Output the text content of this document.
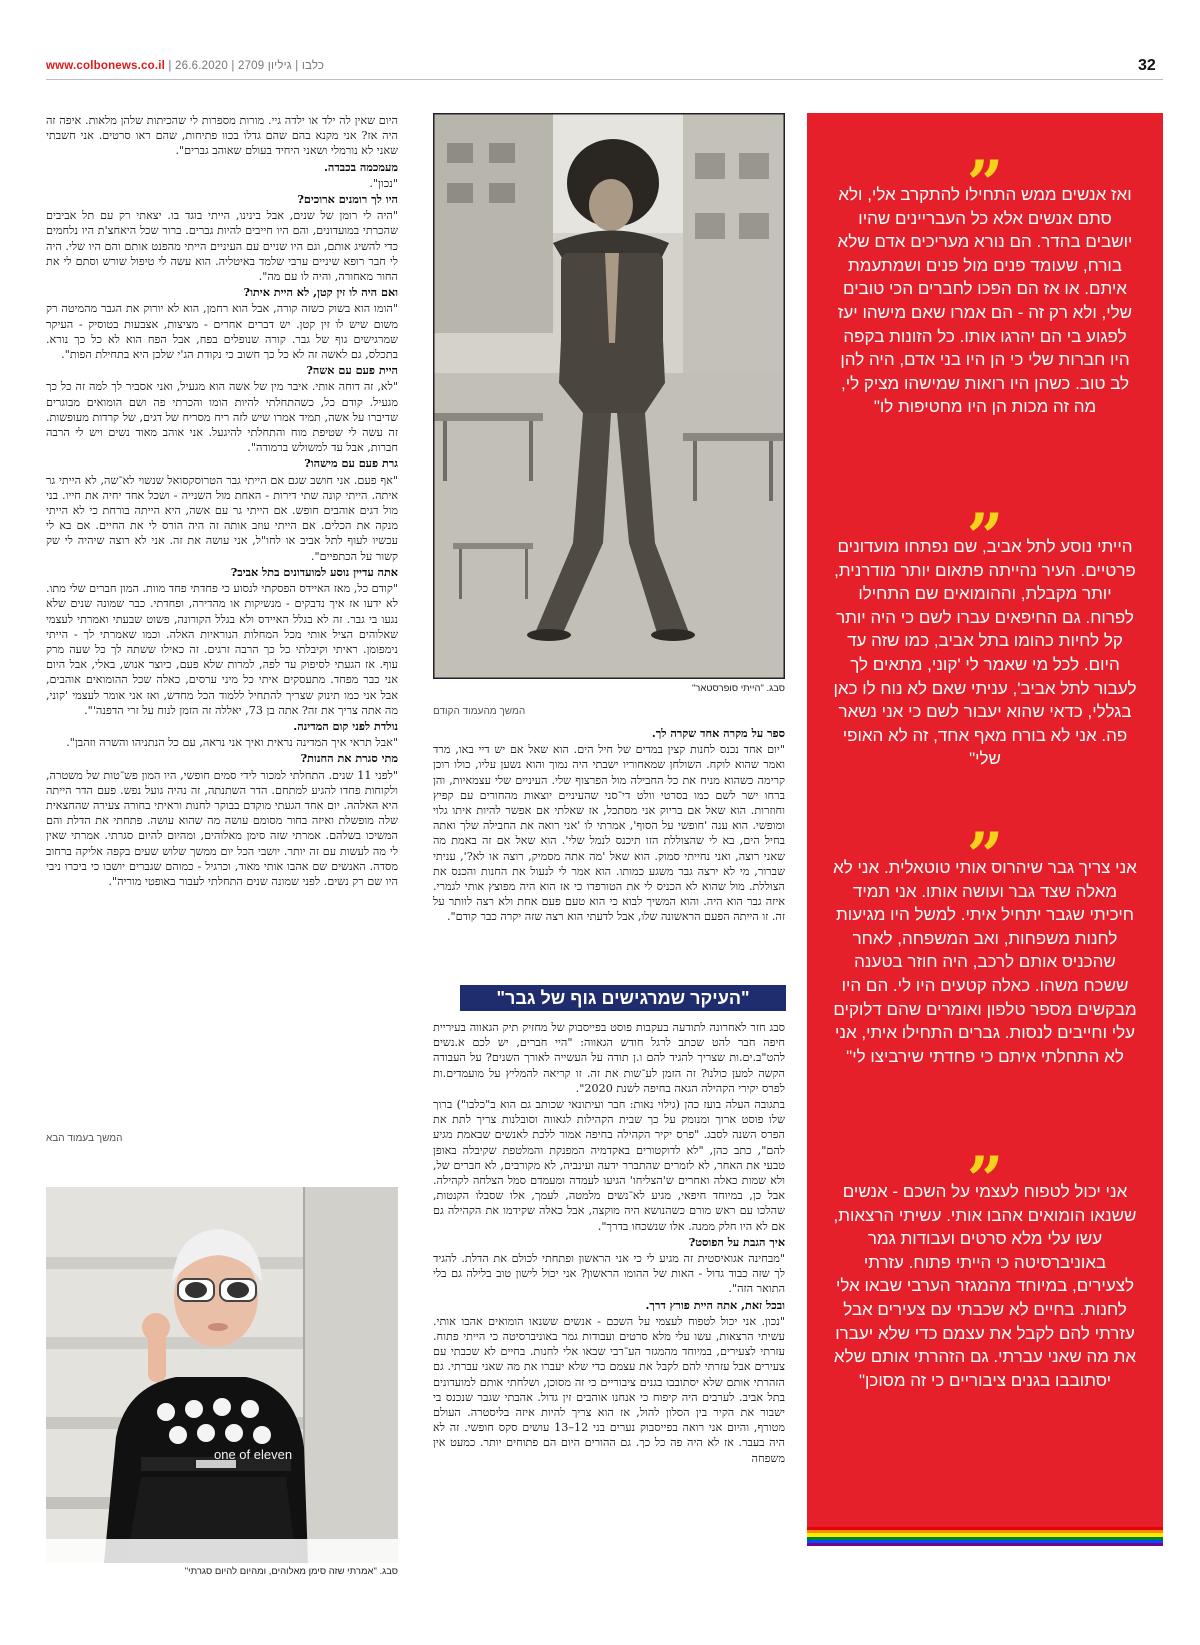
www.colbonews.co.il | כלבו | גיליון 2709 | 26.6.2020	32

היום שאין לה ילד או ילדה גיי. מורות מספרות לי שהכיתות שלהן מלאות. איפה זה היה אז? אני מקנא בהם שהם גדלו בכוו פתיחות, שהם ראו סרטים. אני חשבתי שאני לא נורמלי ושאני היחיד בעולם שאוהב גברים".

מעמכמה בכבדה.

"נכון".

היו לך רומנים ארוכים?

"היה לי רומן של שנים, אבל בינינו, הייתי בוגד בו. יצאתי רק עם תל אביבים שהכרתי במועדונים, והם היו חייבים להיות גברים. ברור שכל היאחצ'ת היו נלחמים כדי להשיג אותם, וגם היו שניים עם העיניים הייתי מהפנט אותם והם היו שלי. היה לי חבר רופא שיניים ערבי שלמד באיטליה. הוא עשה לי טיפול שורש וסתם לי את החור מאחורה, והיה לו עם מה".

ואם היה לו זין קטן, לא היית איתו?

"הומו הוא בשוק כשזה קורה, אבל הוא רחמן, הוא לא יורוק את הגבר מהמיטה רק משום שיש לו זין קטן. יש דברים אחרים - מציצות, אצבעות בטוסיק - העיקר שמרגישים גוף של גבר. קורה שנופלים בפח, אבל הפח הוא לא כל כך נורא. בתכלס, גם לאשה זה לא כל כך חשוב כי נקודת הג'י שלכן היא בתחילת הפות".

היית פעם עם אשה?

"לא, זה דוחה אותי. איבר מין של אשה הוא מגעיל, ואני אסביר לך למה זה כל כך מגעיל. קודם כל, כשהתחלתי להיות הומו והכרתי פה ושם הומואים מבוגרים שדיברו על אשה, תמיד אמרו שיש לזה ריח מסריח של דגים, של קרדות מעופשות. זה עשה לי שטיפת מוח והתחלתי להיגעל. אני אוהב מאוד נשים ויש לי הרבה חברות, אבל עד למשולש ברמודה".

גרת פעם עם מישהו?

"אף פעם. אני חושב שגם אם הייתי גבר הטרוסקסואל שנשוי לא־שה, לא הייתי גר איתה. הייתי קונה שתי דירות - האחת מול השנייה - ושכל אחד יחיה את חייו. בני מול דגים אוהבים חופש. אם הייתי גר עם אשה, היא הייתה בורחת כי לא הייתי מנקה את הכלים. אם הייתי עוזב אותה זה היה הורס לי את החיים. אם בא לי עכשיו לעוף לתל אביב או לחו"ל, אני עושה את זה. אני לא רוצה שיהיה לי שק קשור על הכתפיים".

אתה עדיין נוסע למועדונים בתל אביב?

"קודם כל, מאז האיידס הפסקתי לנסוע כי פחדתי פחד מוות. המון חברים שלי מתו. לא ידעו אז איך נדבקים - מנשיקות או מהדירה, ופחדתי. כבר שמונה שנים שלא נגעו בי גבר. זה לא בגלל האיידס ולא בגלל הקורונה, פשוט שבעתי ואמרתי לעצמי שאלוהים הציל אותי מכל המחלות הנוראיות האלה. וכמו שאמרתי לך - הייתי נימפומן. ראיתי וקיבלתי כל כך הרבה זרגים. זה כאילו ששתה לך כל שעה מרק עוף. אז הגעתי לסיפוק עד לפה, למרות שלא פעם, כיוצר אנוש, באלי, אבל היום אני כבר מפחד. מתעסקים איתי כל מיני ערסים, כאלה שכל ההומואים אוהבים, אבל אני כמו תינוק שצריך להתחיל ללמוד הכל מחדש, ואז אני אומר לעצמי 'קוני, מה אתה צריך את זה? אתה בן 73, יאללה זה הזמן לנוח על זרי הדפנה'".

נולדת לפני קום המדינה.

"אבל תראי איך המדינה נראית ואיך אני נראה, עם כל הנתניהו והשרה וזהבן".

מתי סגרת את החנות?

"לפני 11 שנים. התחלתי למכור לידי סמים חופשי, היו המון פש־טות של משטרה, ולקוחות פחדו להגיע למתחם. הדר השתנתה, זה נהיה גועל נפש. פעם הדר הייתה היא האלהה. יום אחד הגעתי מוקדם בבוקר לחנות וראיתי בחורה צעירה שהחצאית שלה מופשלת ואיזה בחור מסומם עושה מה שהוא עושה. פתחתי את הדלת והם המשיכו בשלהם. אמרתי שזה סימן מאלוהים, ומהיום להיום סגרתי. אמרתי שאין לי מה לעשות עם זה יותר. יושבי הכל יום ממשך שלוש שעים בקפה אליקה ברחוב מסדה. האנשים שם אהבו אותי מאוד, וכרגיל - כמוהם שגברים יושבו כי ביכרו ניבי היו שם רק נשים. לפני שמונה שנים התחלתי לעבור באופטי מוריה".

המשך בעמוד הבא
one of eleven
סבג. "אמרתי שזה סימן מאלוהים, ומהיום להיום סגרתי"
סבג. "הייתי סופרסטאר"
המשך מהעמוד הקודם

ספר על מקרה אחד שקרה לך.

"יום אחד נכנס לחנות קצין במדים של חיל הים. הוא שאל אם יש דיי באו, מרד ואמר שהוא לוקח. השולחן שמאחוריו ישבתי היה נמוך והוא נשען עליו, כולו רוכן קרימה כשהוא מניח את כל החבילה מול הפרצוף שלי. העיניים שלי עצמאיות, והן ברחו ישר לשם כמו בסרטי וולט די־סני שהעיניים יוצאות מהחורים עם קפיץ וחוזרות. הוא שאל אם בריוק אני מסתכל, אז שאלתי אם אפשר להיות איתו גלוי ומופשי. הוא ענה 'חופשי על הסוף', אמרתי לו 'אני רואה את החבילה שלך ואתה בחיל הים, בא לי שהצוללת הזו תיכנס לנמל שלי'. הוא שאל אם זה באמת מה שאני רוצה, ואני נחייתי סמוק. הוא שאל 'מה אתה מסמיק, רוצה או לא?', עניתי שברור, מי לא ירצה גבר משגע כמותו. הוא אמר לי לנעול את החנות והכנס את הצוללת. מול שהוא לא הכניס לי את הטורפדו כי אז הוא היה מפוצץ אותי לגמרי. איזה גבר הוא היה. והוא המשיך לבוא כי הוא טעם פעם אחת ולא רצה לוותר על זה. זו הייתה הפעם הראשונה שלו, אבל לדעתי הוא רצה שזה יקרה כבר קודם".

"העיקר שמרגישים גוף של גבר"

סבג חזר לאחרונה לתודעה בעקבות פוסט בפייסבוק של מחזיק תיק הגאווה בעיריית חיפה חבר להט שכתב לרגל חודש הגאווה: "היי חברים, יש לכם א.נשים להט"ב.ים.ות שצריך להגיד להם ו.ן תודה על העשייה לאורך השנים? על העבודה הקשה למען כולנו? זה הזמן לע־שות את זה. זו קריאה להמליץ על מועמדים.ות לפרס יקירי הקהילה הגאה בחיפה לשנת 2020".

בתגובה העלה בועז כהן (גילוי נאות: חבר ועיתונאי שכותב גם הוא ב"כלבו") ברוך שלו פוסט ארוך ומנומק על כך שבית הקהילות לגאווה וסובלנות צריך לתת את הפרס השנה לסבג. "פרס יקיר הקהילה בחיפה אמור ללכת לאנשים שבאמת מגיע להם", כתב כהן, "לא לדוקטורים באקדמיה המפנקת והמלטפת שקיבלה באופן טבעי את האחר, לא לזמרים שהתברר ידעה ועינביה, לא מקורבים, לא חברים של, ולא שמות כאלה ואחרים ש'הצליחו' הגיעו לעמדה ומעמדם סמל הצלחה לקהילה. אבל כן, במיוחד חיפאי, מגיע לא־נשים מלמטה, לעמך, אלו שסבלו הקנטות, שהלכו עם ראש מורם כשהנושא היה מוקצה, אבל כאלה שקידמו את הקהילה גם אם לא היו חלק ממנה. אלו שנשכחו בדרך".

איך הגבת על הפוסט?

"מבחינה אגואיסטית זה מגיע לי כי אני הראשון ופתחתי לכולם את הדלת. להגיד לך שזה כבוד גדול - האות של ההומו הראשון? אני יכול לישון טוב בלילה גם בלי התואר הזה".

ובכל זאת, אתה היית פורץ דרך.

"נכון. אני יכול לטפוח לעצמי על השכם - אנשים ששנאו הומואים אהבו אותי. עשיתי הרצאות, עשו עלי מלא סרטים ועבודות גמר באוניברסיטה כי הייתי פתוח. עזרתי לצעירים, במיוחד מהמגזר הע־רבי שבאו אלי לחנות. בחיים לא שכבתי עם צעירים אבל עזרתי להם לקבל את עצמם כדי שלא יעברו את מה שאני עברתי. גם הזהרתי אותם שלא יסתובבו בגנים ציבוריים כי זה מסוכן, ושלחתי אותם למועדונים בתל אביב. לערבים היה קיפוח כי אנחנו אוהבים זין גדול. אהבתי שגבר שנכנס בי ישבור את הקיר בין הסלון להול, אז הוא צריך להיות איזה בליסטרה. העולם מטורף, והיום אני רואה בפייסבוק נערים בני 12–13 עושים סקס חופשי. זה לא היה בעבר. אז לא היה פה כל כך. גם ההורים היום הם פתוחים יותר. כמעט אין משפחה

”
ואז אנשים ממש התחילו להתקרב אלי, ולא סתם אנשים אלא כל העבריינים שהיו יושבים בהדר. הם נורא מעריכים אדם שלא בורח, שעומד פנים מול פנים ושמתעמת איתם. או אז הם הפכו לחברים הכי טובים שלי, ולא רק זה - הם אמרו שאם מישהו יעז לפגוע בי הם יהרגו אותו. כל הזונות בקפה היו חברות שלי כי הן היו בני אדם, היה להן לב טוב. כשהן היו רואות שמישהו מציק לי, מה זה מכות הן היו מחטיפות לו"
”
הייתי נוסע לתל אביב, שם נפתחו מועדונים פרטיים. העיר נהייתה פתאום יותר מודרנית, יותר מקבלת, וההומואים שם התחילו לפרוח. גם החיפאים עברו לשם כי היה יותר קל לחיות כהומו בתל אביב, כמו שזה עד היום. לכל מי שאמר לי 'קוני, מתאים לך לעבור לתל אביב', עניתי שאם לא נוח לו כאן בגללי, כדאי שהוא יעבור לשם כי אני נשאר פה. אני לא בורח מאף אחד, זה לא האופי שלי"
”
אני צריך גבר שיהרוס אותי טוטאלית. אני לא מאלה שצד גבר ועושה אותו. אני תמיד חיכיתי שגבר יתחיל איתי. למשל היו מגיעות לחנות משפחות, ואב המשפחה, לאחר שהכניס אותם לרכב, היה חוזר בטענה ששכח משהו. כאלה קטעים היו לי. הם היו מבקשים מספר טלפון ואומרים שהם דלוקים עלי וחייבים לנסות. גברים התחילו איתי, אני לא התחלתי איתם כי פחדתי שירביצו לי"
”
אני יכול לטפוח לעצמי על השכם - אנשים ששנאו הומואים אהבו אותי. עשיתי הרצאות, עשו עלי מלא סרטים ועבודות גמר באוניברסיטה כי הייתי פתוח. עזרתי לצעירים, במיוחד מהמגזר הערבי שבאו אלי לחנות. בחיים לא שכבתי עם צעירים אבל עזרתי להם לקבל את עצמם כדי שלא יעברו את מה שאני עברתי. גם הזהרתי אותם שלא יסתובבו בגנים ציבוריים כי זה מסוכן"
